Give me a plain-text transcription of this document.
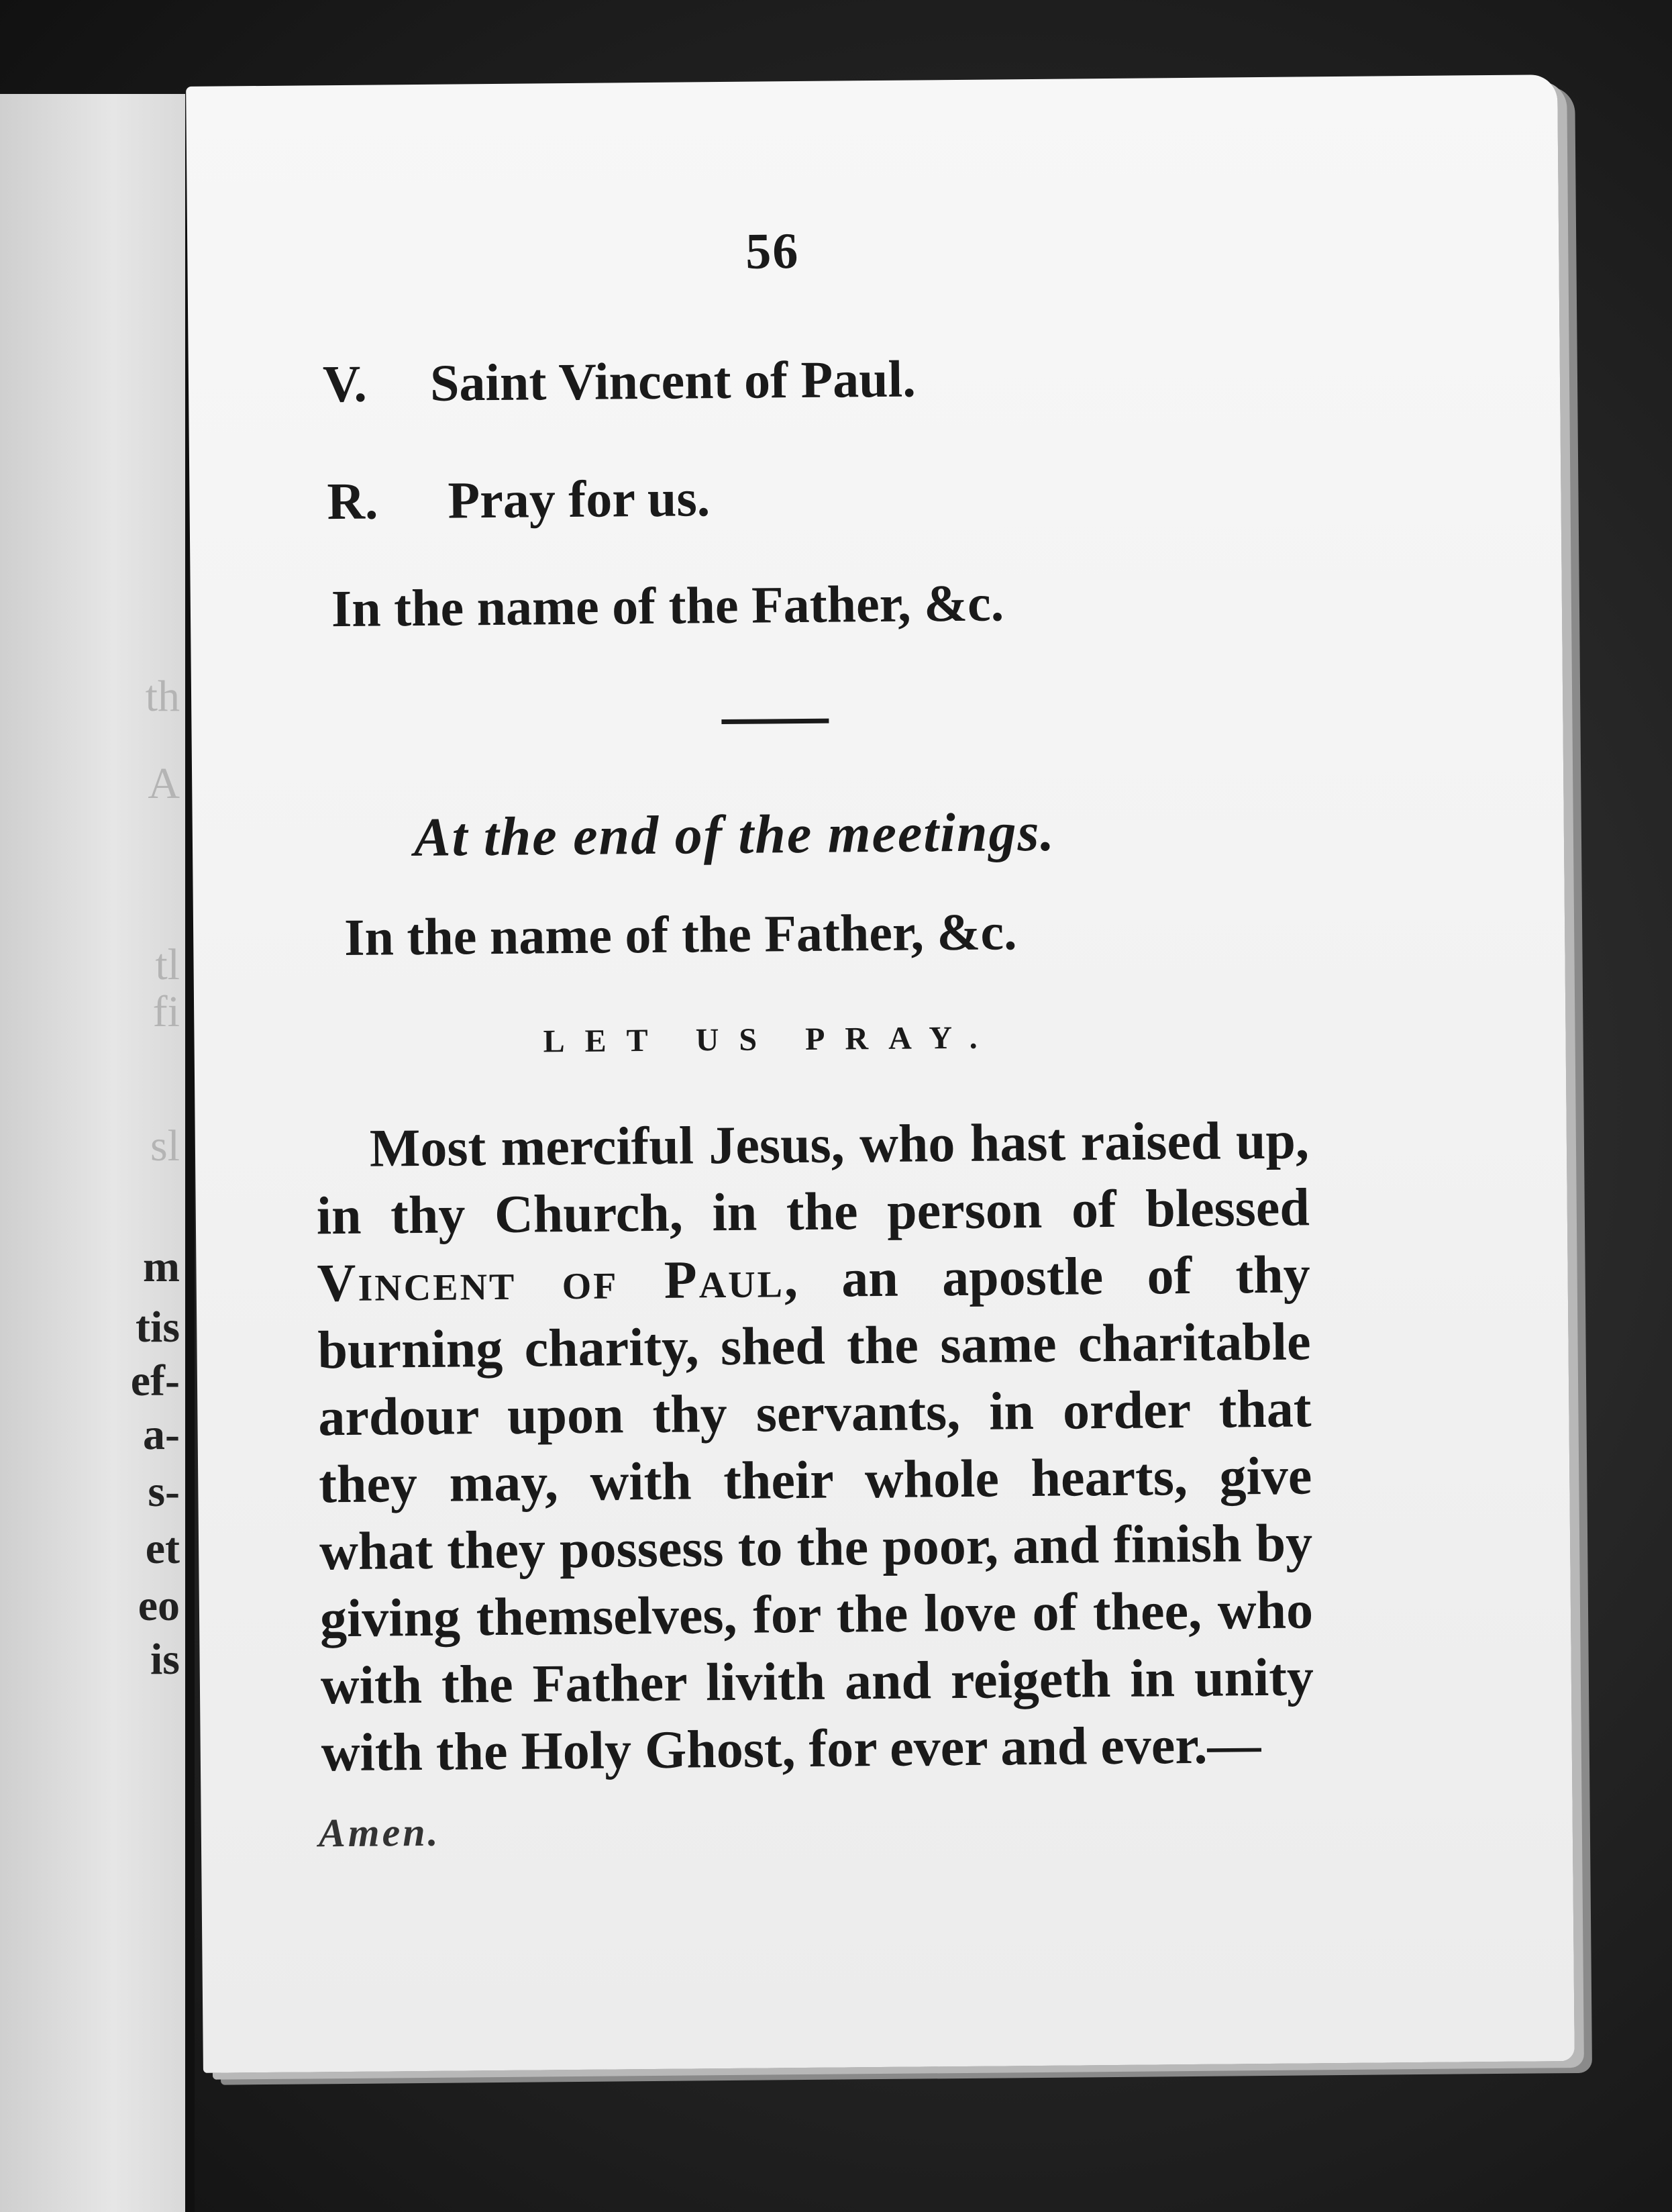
th
A
tl
fi
sl
m
tis
ef-
a-
s-
et
eo
is
56
V. Saint Vincent of Paul.
R. Pray for us.
In the name of the Father, &c.
At the end of the meetings.
In the name of the Father, &c.
LET US PRAY.
Most merciful Jesus, who hast raised up, in thy Church, in the person of blessed Vincent of Paul, an apostle of thy burning charity, shed the same charitable ardour upon thy servants, in order that they may, with their whole hearts, give what they possess to the poor, and finish by giving themselves, for the love of thee, who with the Father livith and reigeth in unity with the Holy Ghost, for ever and ever.—
Amen.
